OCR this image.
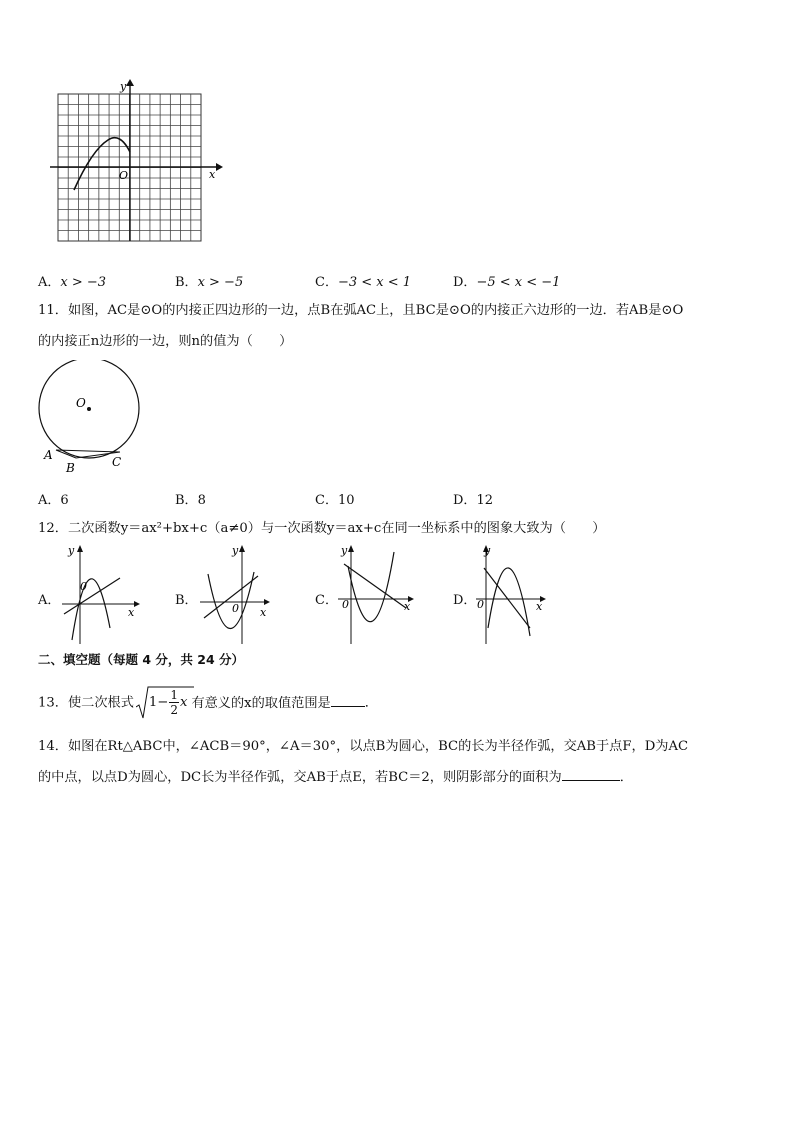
y
x
O
A．x > −3	B．x > −5	C．−3 < x < 1	D．−5 < x < −1
11．如图，AC是⊙O的内接正四边形的一边，点B在弧AC上，且BC是⊙O的内接正六边形的一边．若AB是⊙O
的内接正n边形的一边，则n的值为（　　）
O
A
B	C
A．6	B．8	C．10	D．12
12．二次函数y＝ax²+bx+c（a≠0）与一次函数y＝ax+c在同一坐标系中的图象大致为（　　）
A．
y
x
0
B．
y
x
0
C．
y
x
0	D．
y
x
0
二、填空题（每题 4 分，共 24 分）
13．使二次根式 $1- \frac{1}{2}$ x 有意义的x的取值范围是	．
14．如图在Rt△ABC中，∠ACB＝90°，∠A＝30°，以点B为圆心，BC的长为半径作弧，交AB于点F，D为AC
的中点，以点D为圆心，DC长为半径作弧，交AB于点E，若BC＝2，则阴影部分的面积为	．
